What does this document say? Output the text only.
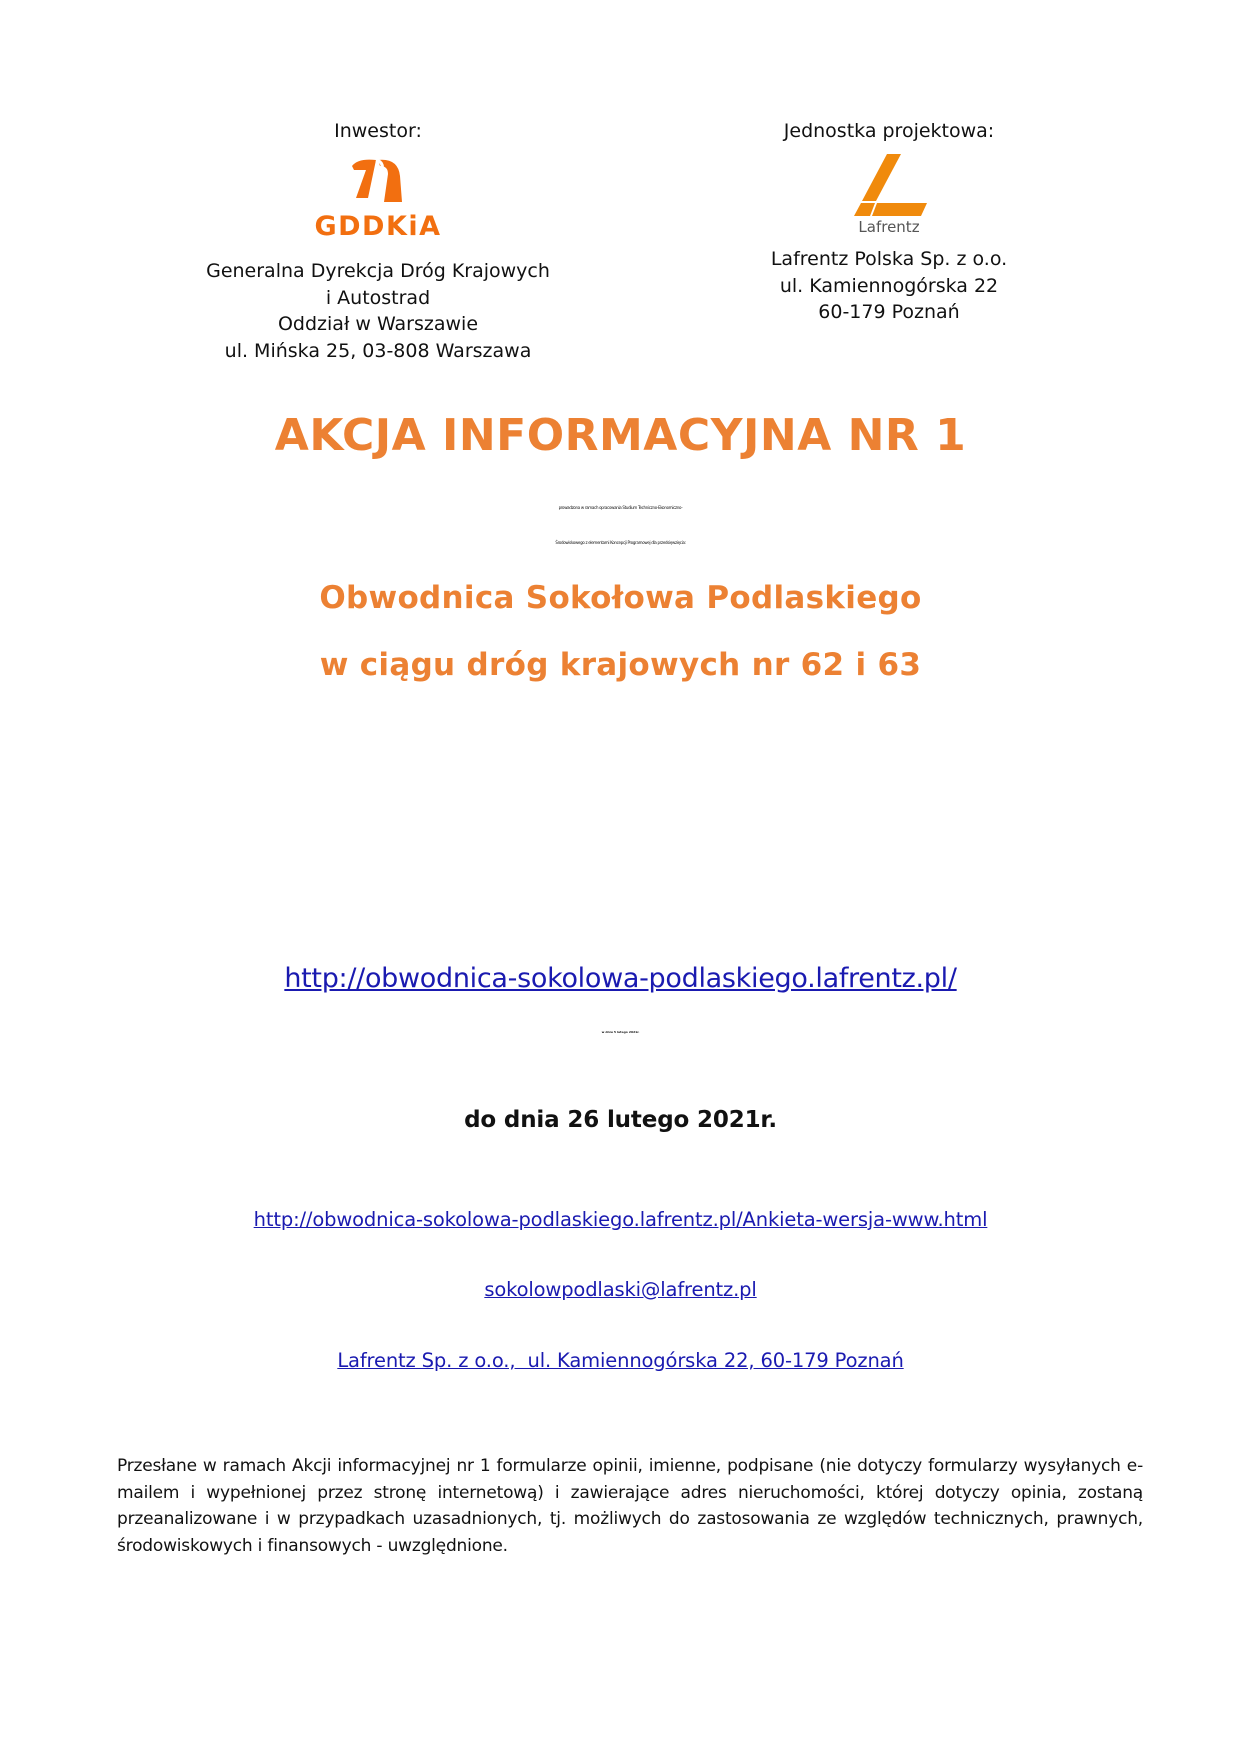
Inwestor:
GDDKiA
Generalna Dyrekcja Dróg Krajowych
i Autostrad
Oddział w Warszawie
ul. Mińska 25, 03-808 Warszawa
Jednostka projektowa:
Lafrentz
Lafrentz Polska Sp. z o.o.
ul. Kamiennogórska 22
60-179 Poznań
AKCJA INFORMACYJNA NR 1
prowadzona w ramach opracowania Studium Techniczno-Ekonomiczno-
Środowiskowego z elementami Koncepcji Programowej dla przedsięwzięcia:
Obwodnica Sokołowa Podlaskiego
w ciągu dróg krajowych nr 62 i 63
http://obwodnica-sokolowa-podlaskiego.lafrentz.pl/
w dniu 5 lutego 2021r.
do dnia 26 lutego 2021r.
http://obwodnica-sokolowa-podlaskiego.lafrentz.pl/Ankieta-wersja-www.html
sokolowpodlaski@lafrentz.pl
Lafrentz Sp. z o.o.,  ul. Kamiennogórska 22, 60-179 Poznań
Przesłane w ramach Akcji informacyjnej nr 1 formularze opinii, imienne, podpisane (nie dotyczy formularzy wysyłanych e-mailem i wypełnionej przez stronę internetową) i zawierające adres nieruchomości, której dotyczy opinia, zostaną przeanalizowane i w przypadkach uzasadnionych, tj. możliwych do zastosowania ze względów technicznych, prawnych, środowiskowych i finansowych - uwzględnione.
